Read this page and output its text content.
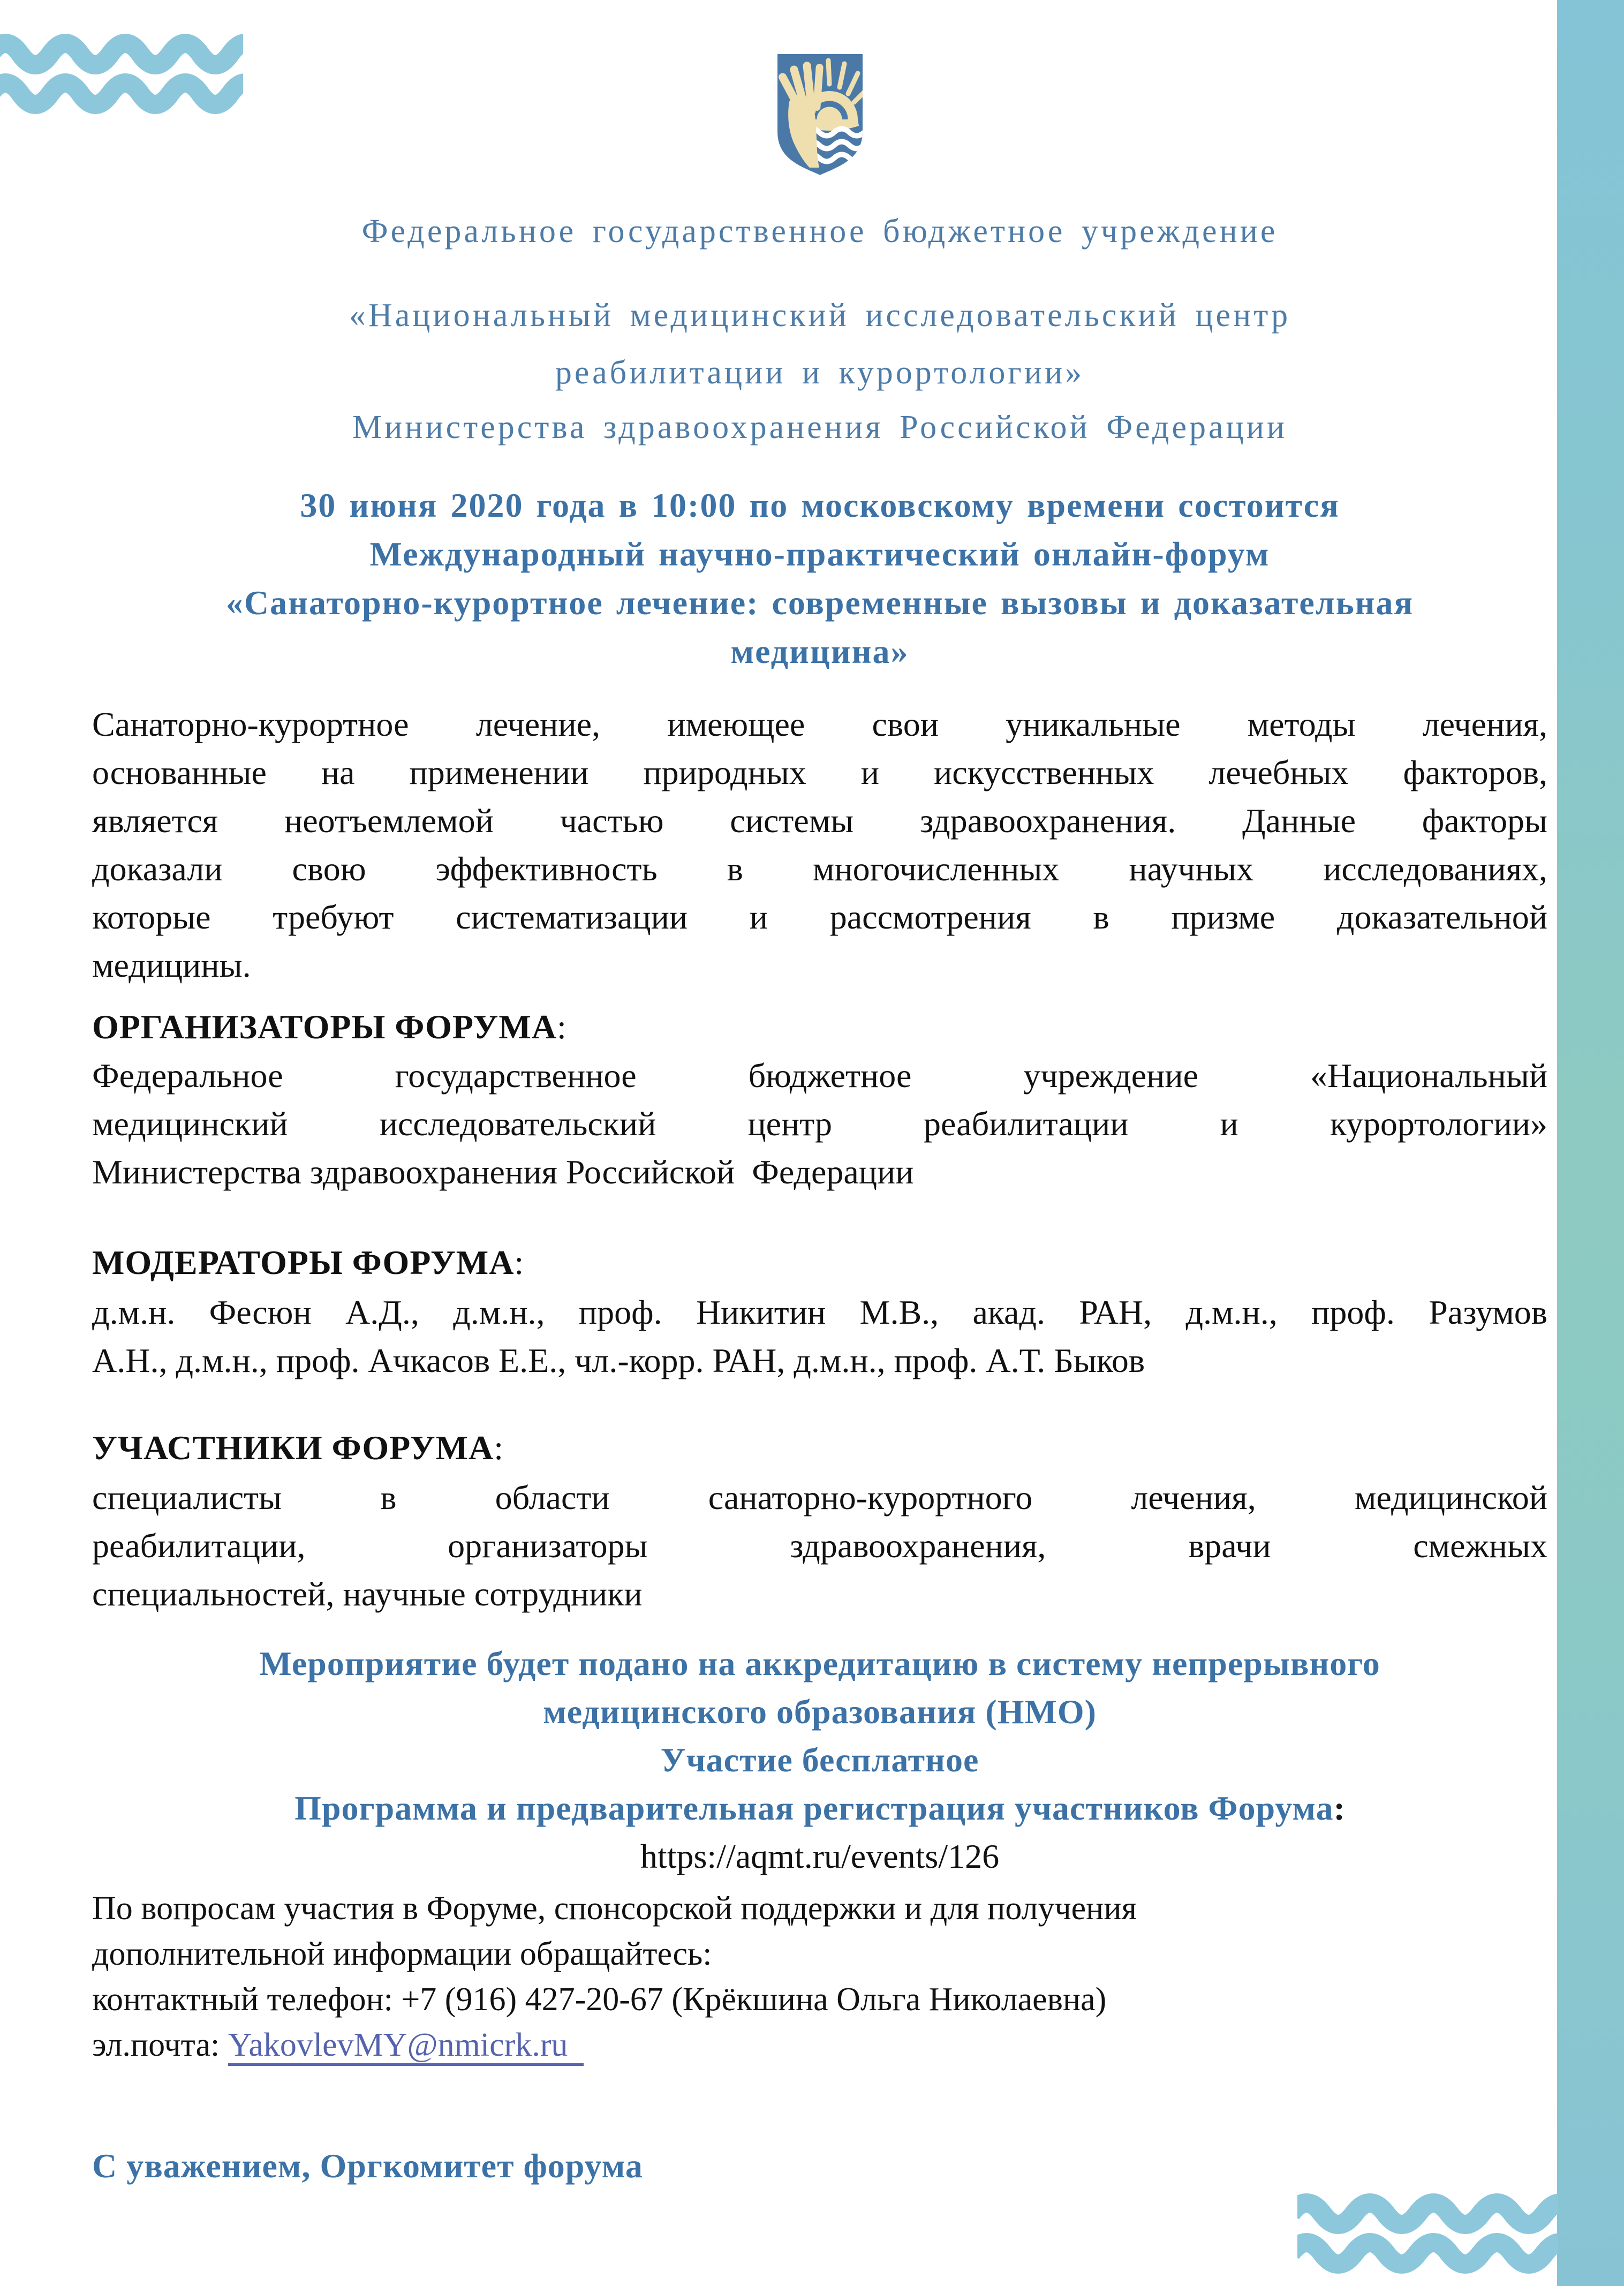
Федеральное государственное бюджетное учреждение
«Национальный медицинский исследовательский центр
реабилитации и курортологии»
Министерства здравоохранения Российской Федерации
30 июня 2020 года в 10:00 по московскому времени состоится
Международный научно-практический онлайн-форум
«Санаторно-курортное лечение: современные вызовы и доказательная
медицина»
Санаторно-курортное лечение, имеющее свои уникальные методы лечения,
основанные на применении природных и искусственных лечебных факторов,
является неотъемлемой частью системы здравоохранения. Данные факторы
доказали свою эффективность в многочисленных научных исследованиях,
которые требуют систематизации и рассмотрения в призме доказательной
медицины.
ОРГАНИЗАТОРЫ ФОРУМА:
Федеральное государственное бюджетное учреждение «Национальный
медицинский исследовательский центр реабилитации и курортологии»
Министерства здравоохранения Российской  Федерации
МОДЕРАТОРЫ ФОРУМА:
д.м.н. Фесюн А.Д., д.м.н., проф. Никитин М.В., акад. РАН, д.м.н., проф. Разумов
А.Н., д.м.н., проф. Ачкасов Е.Е., чл.-корр. РАН, д.м.н., проф. А.Т. Быков
УЧАСТНИКИ ФОРУМА:
специалисты в области санаторно-курортного лечения, медицинской
реабилитации, организаторы здравоохранения, врачи смежных
специальностей, научные сотрудники
Мероприятие будет подано на аккредитацию в систему непрерывного
медицинского образования (НМО)
Участие бесплатное
Программа и предварительная регистрация участников Форума:
https://aqmt.ru/events/126
По вопросам участия в Форуме, спонсорской поддержки и для получения
дополнительной информации обращайтесь:
контактный телефон: +7 (916) 427-20-67 (Крёкшина Ольга Николаевна)
эл.почта: YakovlevMY@nmicrk.ru
С уважением, Оргкомитет форума
